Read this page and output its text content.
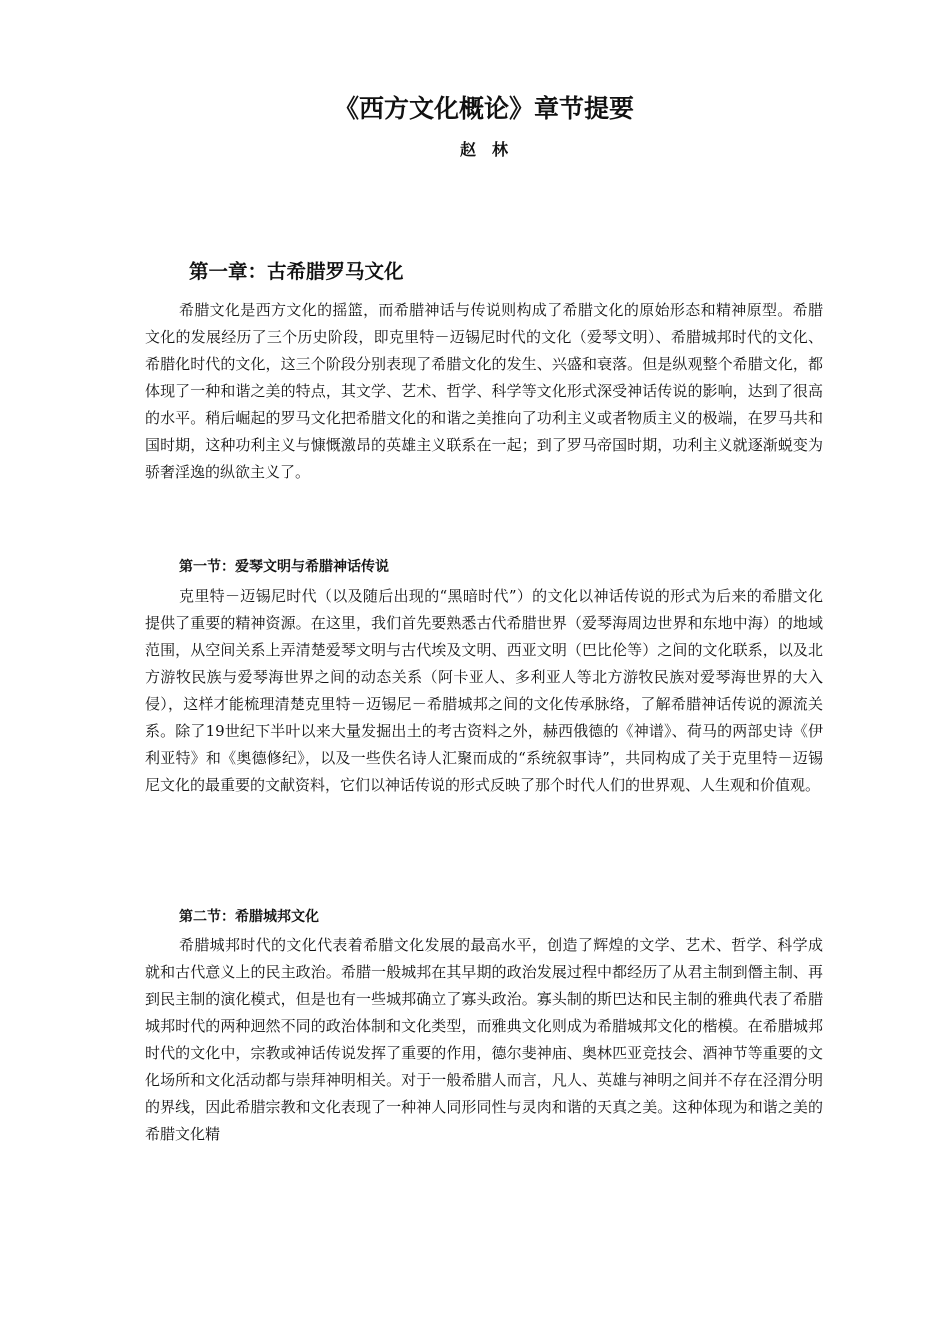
《西方文化概论》章节提要
赵林
第一章：古希腊罗马文化

希腊文化是西方文化的摇篮，而希腊神话与传说则构成了希腊文化的原始形态和精神原型。希腊文化的发展经历了三个历史阶段，即克里特－迈锡尼时代的文化（爱琴文明）、希腊城邦时代的文化、希腊化时代的文化，这三个阶段分别表现了希腊文化的发生、兴盛和衰落。但是纵观整个希腊文化，都体现了一种和谐之美的特点，其文学、艺术、哲学、科学等文化形式深受神话传说的影响，达到了很高的水平。稍后崛起的罗马文化把希腊文化的和谐之美推向了功利主义或者物质主义的极端，在罗马共和国时期，这种功利主义与慷慨激昂的英雄主义联系在一起；到了罗马帝国时期，功利主义就逐渐蜕变为骄奢淫逸的纵欲主义了。

第一节：爱琴文明与希腊神话传说

克里特－迈锡尼时代（以及随后出现的“黑暗时代”）的文化以神话传说的形式为后来的希腊文化提供了重要的精神资源。在这里，我们首先要熟悉古代希腊世界（爱琴海周边世界和东地中海）的地域范围，从空间关系上弄清楚爱琴文明与古代埃及文明、西亚文明（巴比伦等）之间的文化联系，以及北方游牧民族与爱琴海世界之间的动态关系（阿卡亚人、多利亚人等北方游牧民族对爱琴海世界的大入侵），这样才能梳理清楚克里特－迈锡尼－希腊城邦之间的文化传承脉络，了解希腊神话传说的源流关系。除了19世纪下半叶以来大量发掘出土的考古资料之外，赫西俄德的《神谱》、荷马的两部史诗《伊利亚特》和《奥德修纪》，以及一些佚名诗人汇聚而成的“系统叙事诗”，共同构成了关于克里特－迈锡尼文化的最重要的文献资料，它们以神话传说的形式反映了那个时代人们的世界观、人生观和价值观。

第二节：希腊城邦文化

希腊城邦时代的文化代表着希腊文化发展的最高水平，创造了辉煌的文学、艺术、哲学、科学成就和古代意义上的民主政治。希腊一般城邦在其早期的政治发展过程中都经历了从君主制到僭主制、再到民主制的演化模式，但是也有一些城邦确立了寡头政治。寡头制的斯巴达和民主制的雅典代表了希腊城邦时代的两种迥然不同的政治体制和文化类型，而雅典文化则成为希腊城邦文化的楷模。在希腊城邦时代的文化中，宗教或神话传说发挥了重要的作用，德尔斐神庙、奥林匹亚竞技会、酒神节等重要的文化场所和文化活动都与崇拜神明相关。对于一般希腊人而言，凡人、英雄与神明之间并不存在泾渭分明的界线，因此希腊宗教和文化表现了一种神人同形同性与灵肉和谐的天真之美。这种体现为和谐之美的希腊文化精
